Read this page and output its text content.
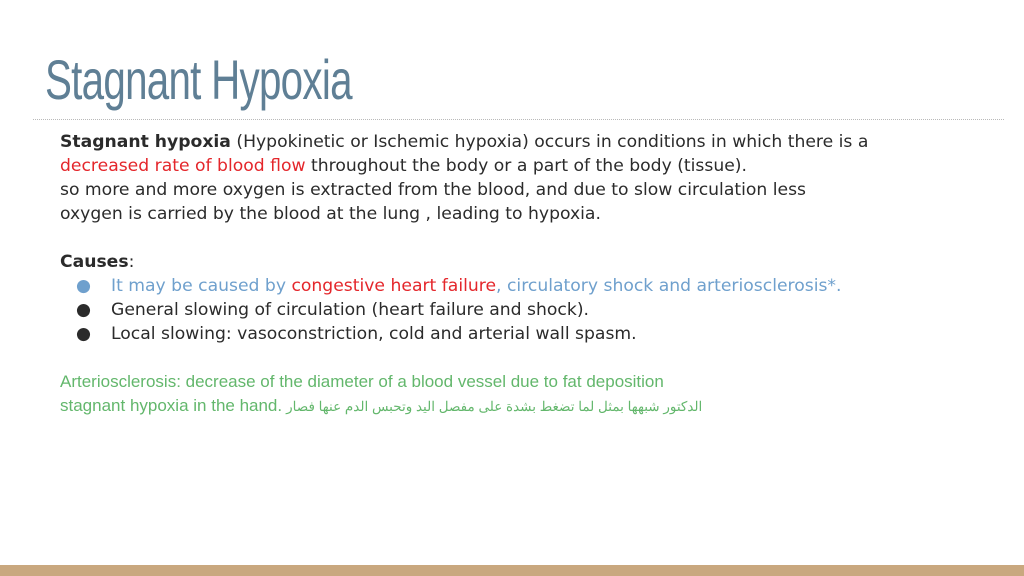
Stagnant Hypoxia

Stagnant hypoxia (Hypokinetic or Ischemic hypoxia) occurs in conditions in which there is a
decreased rate of blood flow throughout the body or a part of the body (tissue).
so more and more oxygen is extracted from the blood, and due to slow circulation less
oxygen is carried by the blood at the lung , leading to hypoxia.

Causes:

● It may be caused by congestive heart failure, circulatory shock and arteriosclerosis*.
● General slowing of circulation (heart failure and shock).
● Local slowing: vasoconstriction, cold and arterial wall spasm.
Arteriosclerosis: decrease of the diameter of a blood vessel due to fat deposition
stagnant hypoxia in the hand. الدكتور شبهها بمثل لما تضغط بشدة على مفصل اليد وتحبس الدم عنها فصار
